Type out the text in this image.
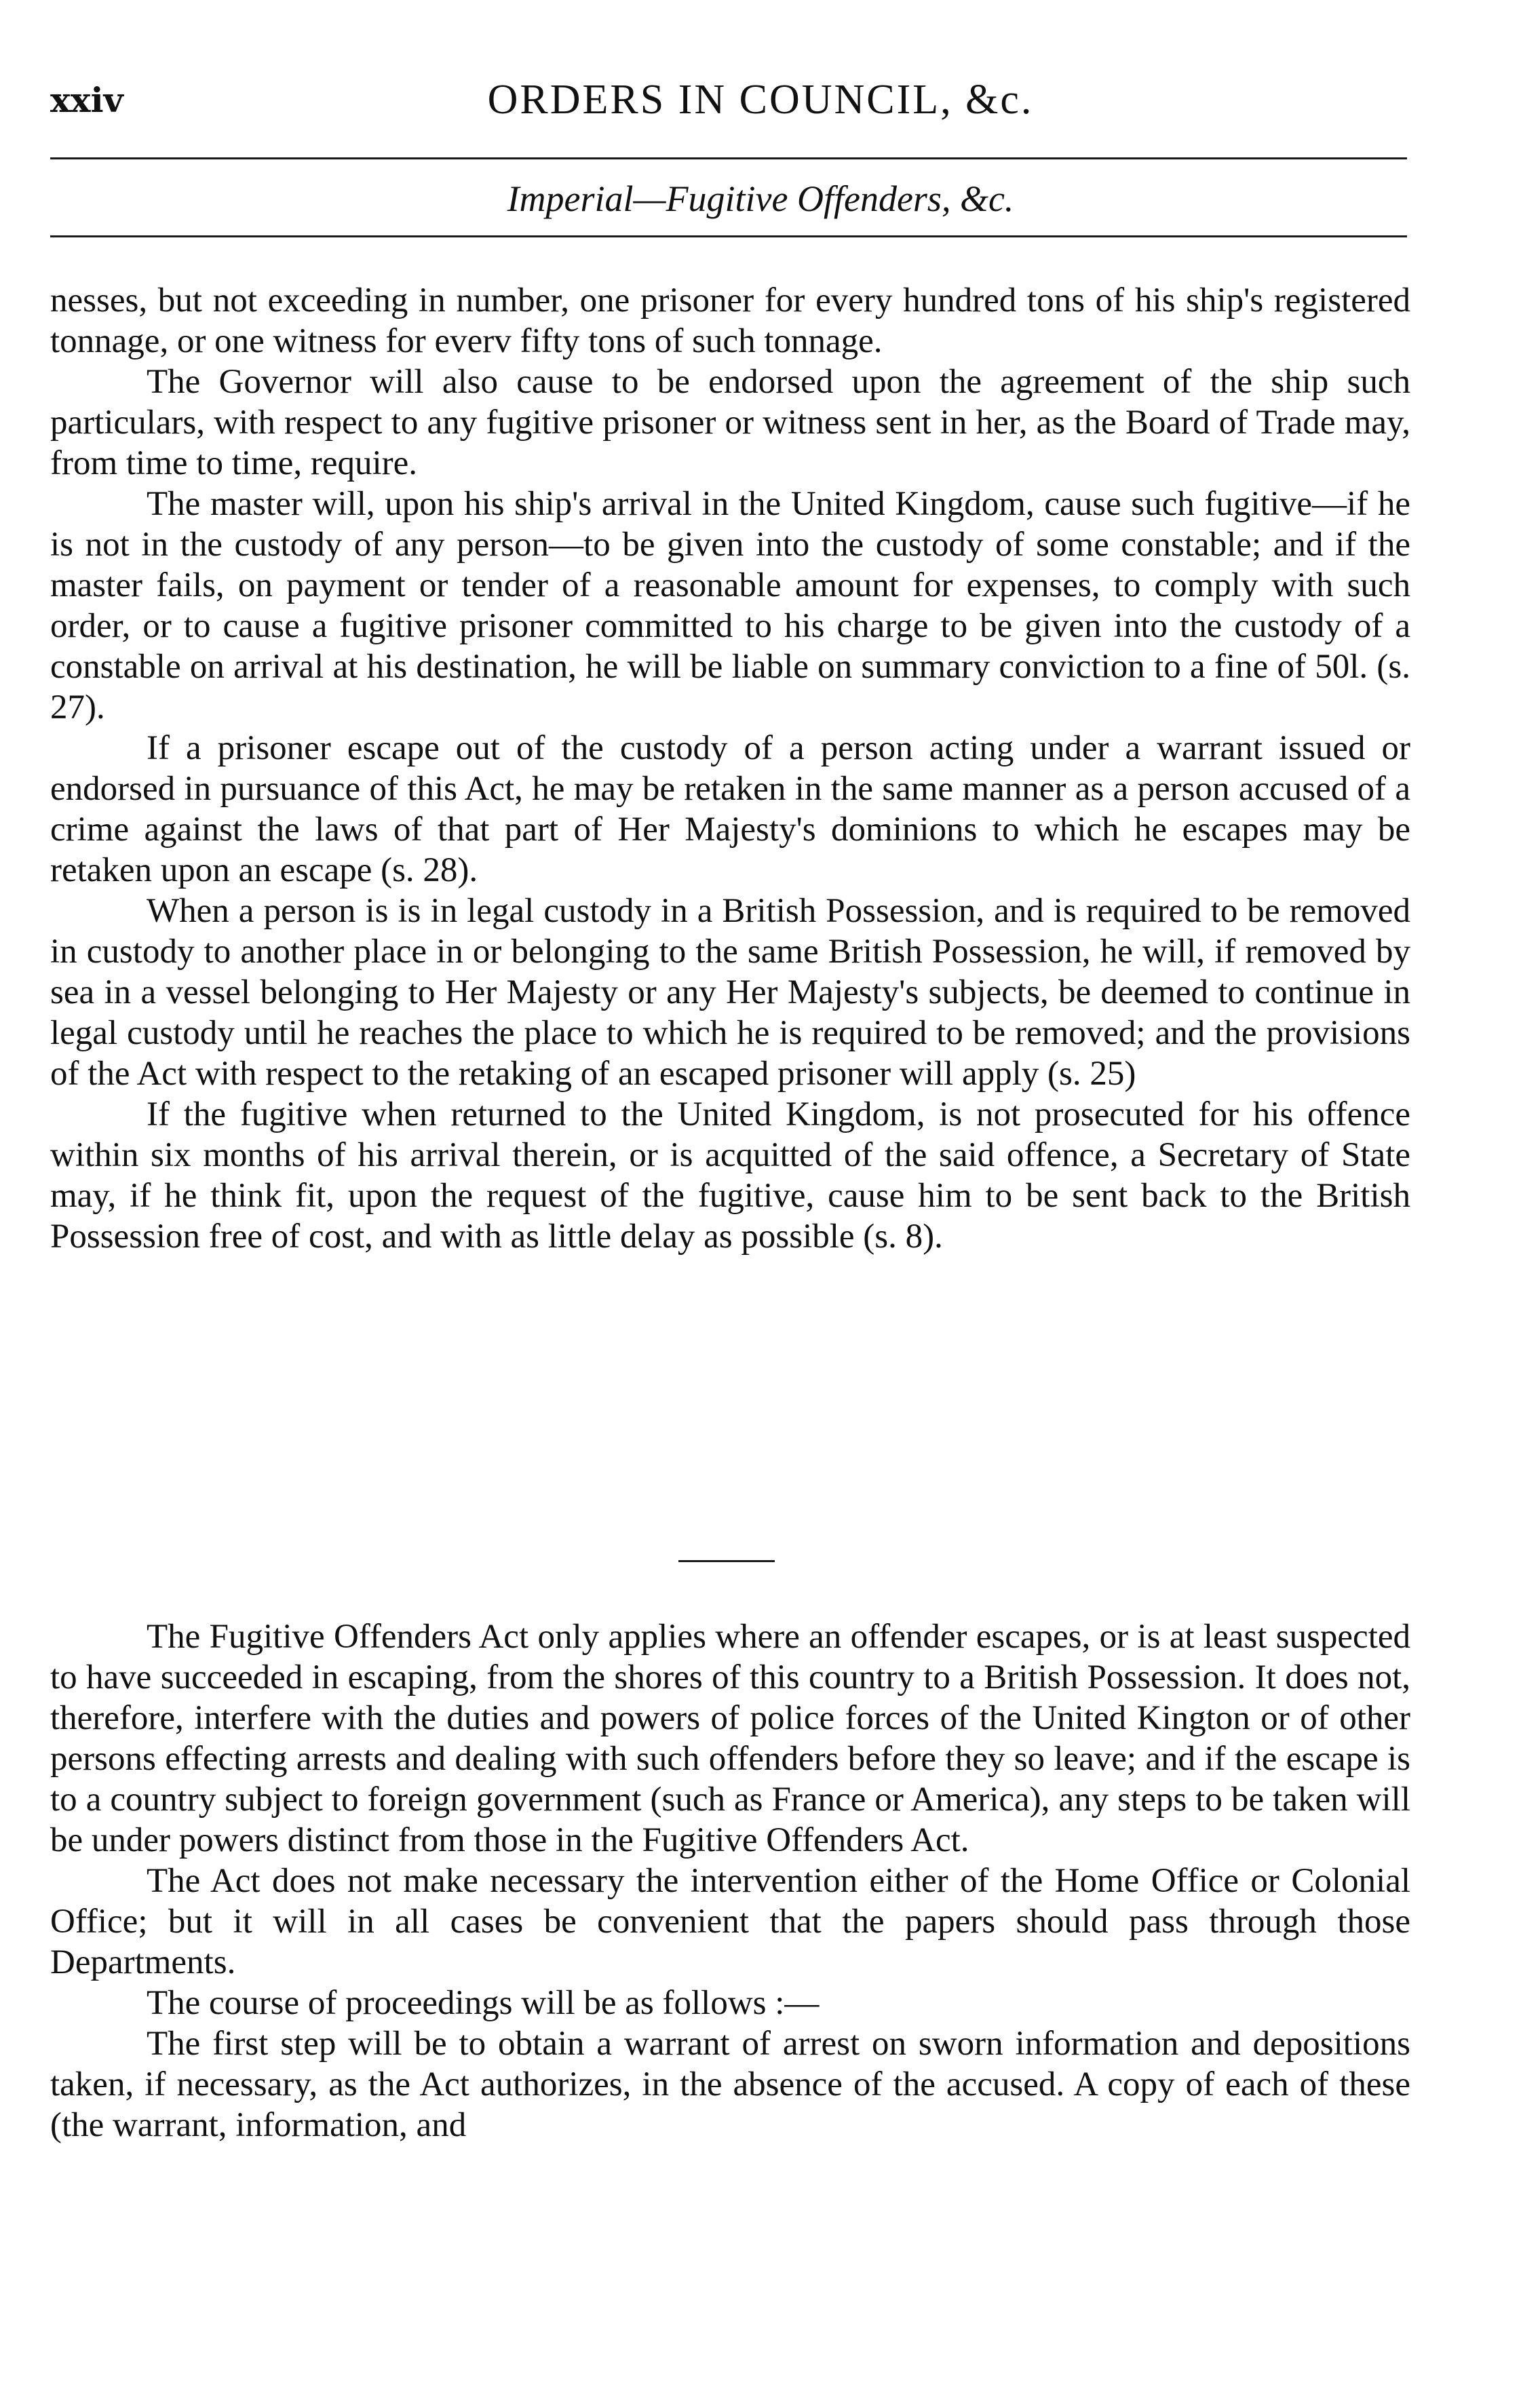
xxiv	ORDERS IN COUNCIL, &c.
Imperial—Fugitive Offenders, &c.

nesses, but not exceeding in number, one prisoner for every hundred tons of his ship's registered tonnage, or one witness for everv fifty tons of such tonnage.

The Governor will also cause to be endorsed upon the agreement of the ship such particulars, with respect to any fugitive prisoner or witness sent in her, as the Board of Trade may, from time to time, require.

The master will, upon his ship's arrival in the United Kingdom, cause such fugitive—if he is not in the custody of any person—to be given into the custody of some constable; and if the master fails, on payment or tender of a reasonable amount for expenses, to comply with such order, or to cause a fugitive prisoner committed to his charge to be given into the custody of a constable on arrival at his destination, he will be liable on summary conviction to a fine of 50l. (s. 27).

If a prisoner escape out of the custody of a person acting under a warrant issued or endorsed in pursuance of this Act, he may be retaken in the same manner as a person accused of a crime against the laws of that part of Her Majesty's dominions to which he escapes may be retaken upon an escape (s. 28).

When a person is is in legal custody in a British Possession, and is required to be removed in custody to another place in or belonging to the same British Possession, he will, if removed by sea in a vessel belonging to Her Majesty or any Her Majesty's subjects, be deemed to continue in legal custody until he reaches the place to which he is required to be removed; and the provisions of the Act with respect to the retaking of an escaped prisoner will apply (s. 25)

If the fugitive when returned to the United Kingdom, is not prosecuted for his offence within six months of his arrival therein, or is acquitted of the said offence, a Secretary of State may, if he think fit, upon the request of the fugitive, cause him to be sent back to the British Possession free of cost, and with as little delay as possible (s. 8).

The Fugitive Offenders Act only applies where an offender escapes, or is at least suspected to have succeeded in escaping, from the shores of this country to a British Possession. It does not, therefore, interfere with the duties and powers of police forces of the United Kington or of other persons effecting arrests and dealing with such offenders before they so leave; and if the escape is to a country subject to foreign government (such as France or America), any steps to be taken will be under powers distinct from those in the Fugitive Offenders Act.

The Act does not make necessary the intervention either of the Home Office or Colonial Office; but it will in all cases be convenient that the papers should pass through those Departments.

The course of proceedings will be as follows :—

The first step will be to obtain a warrant of arrest on sworn information and depositions taken, if necessary, as the Act authorizes, in the absence of the accused. A copy of each of these (the warrant, information, and
